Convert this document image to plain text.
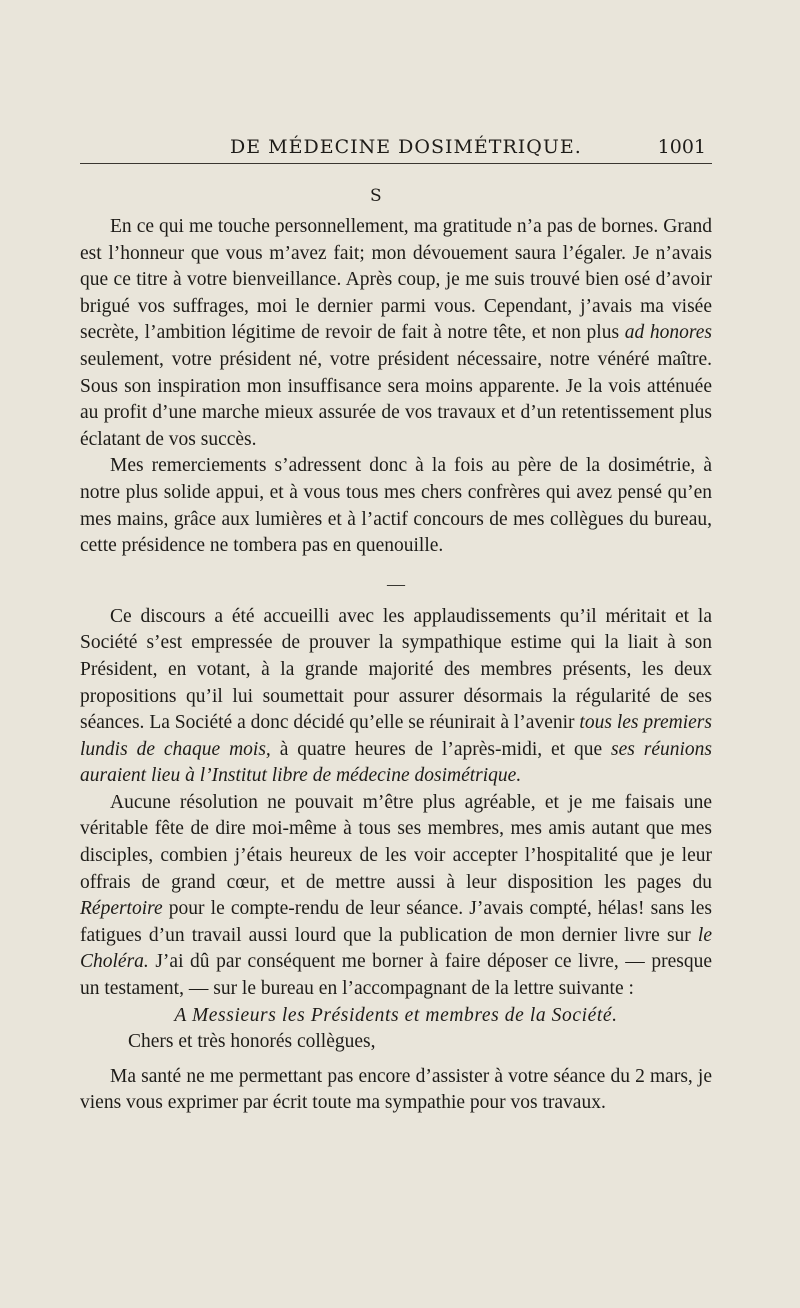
DE MÉDECINE DOSIMÉTRIQUE.	1001
S

En ce qui me touche personnellement, ma gratitude n’a pas de bornes. Grand est l’honneur que vous m’avez fait; mon dévouement saura l’égaler. Je n’avais que ce titre à votre bienveillance. Après coup, je me suis trouvé bien osé d’avoir brigué vos suffrages, moi le dernier parmi vous. Cependant, j’avais ma visée secrète, l’ambition légitime de revoir de fait à notre tête, et non plus ad honores seulement, votre président né, votre président nécessaire, notre vénéré maître. Sous son inspiration mon insuffisance sera moins apparente. Je la vois atténuée au profit d’une marche mieux assurée de vos travaux et d’un retentissement plus éclatant de vos succès.

Mes remerciements s’adressent donc à la fois au père de la dosimétrie, à notre plus solide appui, et à vous tous mes chers confrères qui avez pensé qu’en mes mains, grâce aux lumières et à l’actif concours de mes collègues du bureau, cette présidence ne tombera pas en quenouille.

—

Ce discours a été accueilli avec les applaudissements qu’il méritait et la Société s’est empressée de prouver la sympathique estime qui la liait à son Président, en votant, à la grande majorité des membres présents, les deux propositions qu’il lui soumettait pour assurer désormais la régularité de ses séances. La Société a donc décidé qu’elle se réunirait à l’avenir tous les premiers lundis de chaque mois, à quatre heures de l’après-midi, et que ses réunions auraient lieu à l’Institut libre de médecine dosimétrique.

Aucune résolution ne pouvait m’être plus agréable, et je me faisais une véritable fête de dire moi-même à tous ses membres, mes amis autant que mes disciples, combien j’étais heureux de les voir accepter l’hospitalité que je leur offrais de grand cœur, et de mettre aussi à leur disposition les pages du Répertoire pour le compte-rendu de leur séance. J’avais compté, hélas! sans les fatigues d’un travail aussi lourd que la publication de mon dernier livre sur le Choléra. J’ai dû par conséquent me borner à faire déposer ce livre, — presque un testament, — sur le bureau en l’accompagnant de la lettre suivante :

A Messieurs les Présidents et membres de la Société.

Chers et très honorés collègues,

Ma santé ne me permettant pas encore d’assister à votre séance du 2 mars, je viens vous exprimer par écrit toute ma sympathie pour vos travaux.
